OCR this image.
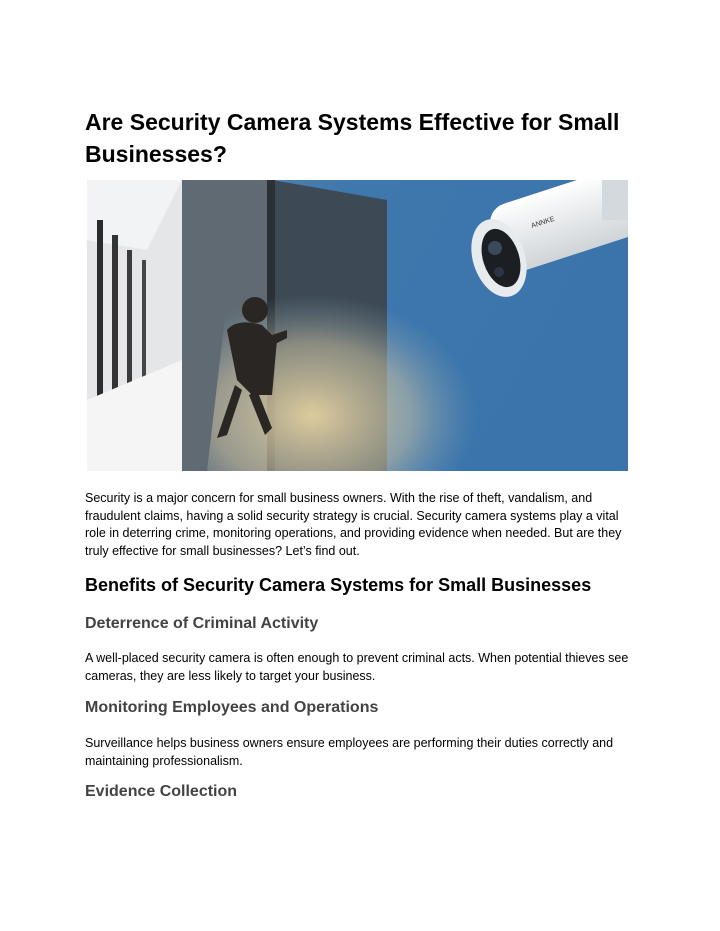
Are Security Camera Systems Effective for Small Businesses?
ANNKE

Security is a major concern for small business owners. With the rise of theft, vandalism, and fraudulent claims, having a solid security strategy is crucial. Security camera systems play a vital role in deterring crime, monitoring operations, and providing evidence when needed. But are they truly effective for small businesses? Let’s find out.

Benefits of Security Camera Systems for Small Businesses
Deterrence of Criminal Activity

A well-placed security camera is often enough to prevent criminal acts. When potential thieves see cameras, they are less likely to target your business.

Monitoring Employees and Operations

Surveillance helps business owners ensure employees are performing their duties correctly and maintaining professionalism.

Evidence Collection
